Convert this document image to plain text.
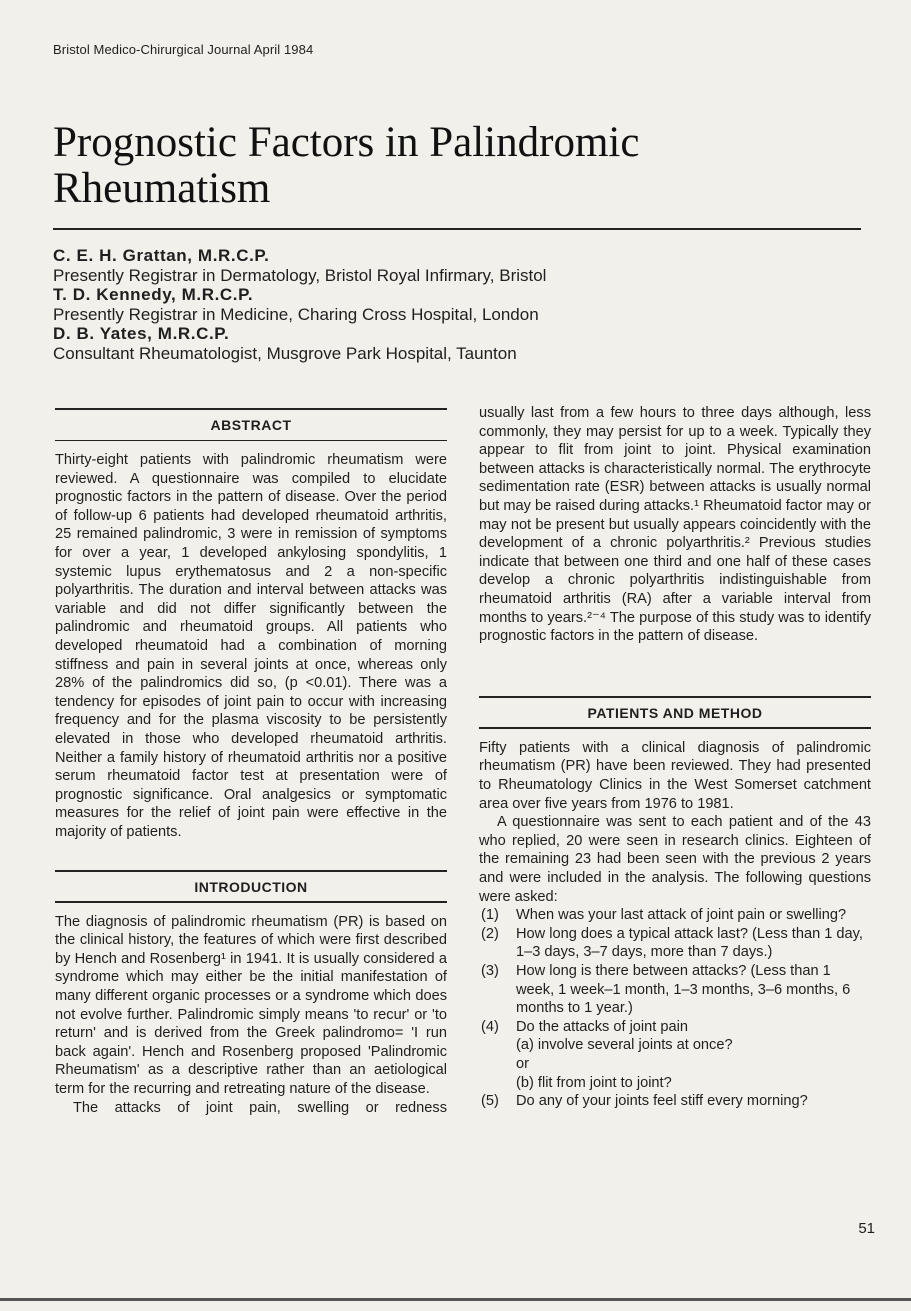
Bristol Medico-Chirurgical Journal April 1984
Prognostic Factors in Palindromic
Rheumatism
C. E. H. Grattan, M.R.C.P.
Presently Registrar in Dermatology, Bristol Royal Infirmary, Bristol
T. D. Kennedy, M.R.C.P.
Presently Registrar in Medicine, Charing Cross Hospital, London
D. B. Yates, M.R.C.P.
Consultant Rheumatologist, Musgrove Park Hospital, Taunton
ABSTRACT

Thirty-eight patients with palindromic rheumatism were reviewed. A questionnaire was compiled to elucidate prognostic factors in the pattern of disease. Over the period of follow-up 6 patients had developed rheumatoid arthritis, 25 remained palindromic, 3 were in remission of symptoms for over a year, 1 developed ankylosing spondylitis, 1 systemic lupus erythematosus and 2 a non-specific polyarthritis. The duration and interval between attacks was variable and did not differ significantly between the palindromic and rheumatoid groups. All patients who developed rheumatoid had a combination of morning stiffness and pain in several joints at once, whereas only 28% of the palindromics did so, (p <0.01). There was a tendency for episodes of joint pain to occur with increasing frequency and for the plasma viscosity to be persistently elevated in those who developed rheumatoid arthritis. Neither a family history of rheumatoid arthritis nor a positive serum rheumatoid factor test at presentation were of prognostic significance. Oral analgesics or symptomatic measures for the relief of joint pain were effective in the majority of patients.

INTRODUCTION

The diagnosis of palindromic rheumatism (PR) is based on the clinical history, the features of which were first described by Hench and Rosenberg¹ in 1941. It is usually considered a syndrome which may either be the initial manifestation of many different organic processes or a syndrome which does not evolve further. Palindromic simply means 'to recur' or 'to return' and is derived from the Greek palindromo= 'I run back again'. Hench and Rosenberg proposed 'Palindromic Rheumatism' as a descriptive rather than an aetiological term for the recurring and retreating nature of the disease.

The attacks of joint pain, swelling or redness

usually last from a few hours to three days although, less commonly, they may persist for up to a week. Typically they appear to flit from joint to joint. Physical examination between attacks is characteristically normal. The erythrocyte sedimentation rate (ESR) between attacks is usually normal but may be raised during attacks.¹ Rheumatoid factor may or may not be present but usually appears coincidently with the development of a chronic polyarthritis.² Previous studies indicate that between one third and one half of these cases develop a chronic polyarthritis indistinguishable from rheumatoid arthritis (RA) after a variable interval from months to years.²⁻⁴ The purpose of this study was to identify prognostic factors in the pattern of disease.

PATIENTS AND METHOD

Fifty patients with a clinical diagnosis of palindromic rheumatism (PR) have been reviewed. They had presented to Rheumatology Clinics in the West Somerset catchment area over five years from 1976 to 1981.

A questionnaire was sent to each patient and of the 43 who replied, 20 were seen in research clinics. Eighteen of the remaining 23 had been seen with the previous 2 years and were included in the analysis. The following questions were asked:

(1) When was your last attack of joint pain or swelling?
(2) How long does a typical attack last? (Less than 1 day, 1–3 days, 3–7 days, more than 7 days.)
(3) How long is there between attacks? (Less than 1 week, 1 week–1 month, 1–3 months, 3–6 months, 6 months to 1 year.)
(4) Do the attacks of joint pain
(a) involve several joints at once?
or
(b) flit from joint to joint?
(5) Do any of your joints feel stiff every morning?
51
